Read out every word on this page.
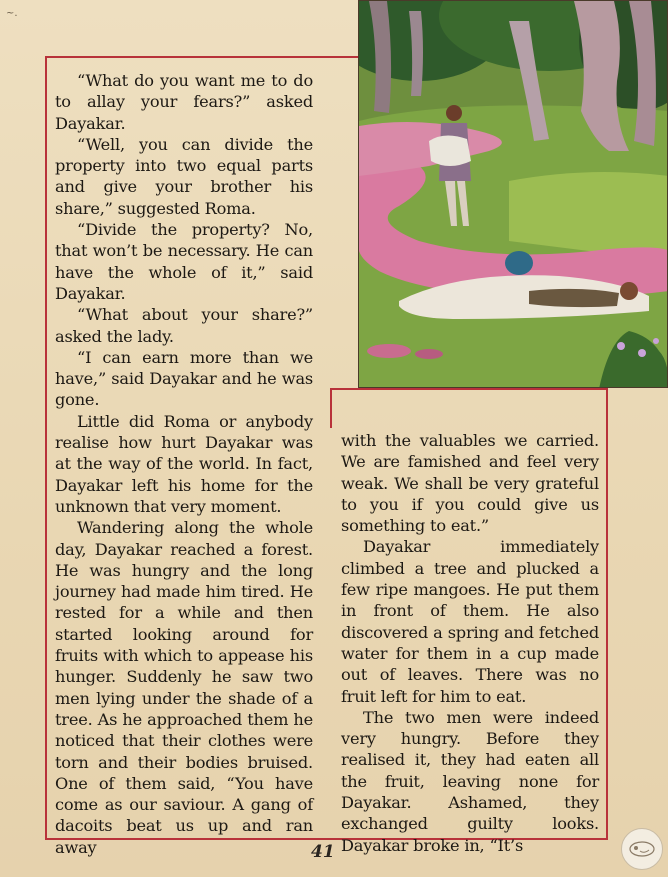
~.

“What do you want me to do to allay your fears?” asked Dayakar.

“Well, you can divide the property into two equal parts and give your brother his share,” suggested Roma.

“Divide the property? No, that won’t be necessary. He can have the whole of it,” said Dayakar.

“What about your share?” asked the lady.

“I can earn more than we have,” said Dayakar and he was gone.

Little did Roma or anybody realise how hurt Dayakar was at the way of the world. In fact, Dayakar left his home for the unknown that very moment.

Wandering along the whole day, Dayakar reached a forest. He was hungry and the long journey had made him tired. He rested for a while and then started looking around for fruits with which to appease his hunger. Suddenly he saw two men lying under the shade of a tree. As he approached them he noticed that their clothes were torn and their bodies bruised. One of them said, “You have come as our saviour. A gang of dacoits beat us up and ran away

with the valuables we carried. We are famished and feel very weak. We shall be very grateful to you if you could give us something to eat.”

Dayakar immediately climbed a tree and plucked a few ripe mangoes. He put them in front of them. He also discovered a spring and fetched water for them in a cup made out of leaves. There was no fruit left for him to eat.

The two men were indeed very hungry. Before they realised it, they had eaten all the fruit, leaving none for Dayakar. Ashamed, they exchanged guilty looks. Dayakar broke in, “It’s

41
